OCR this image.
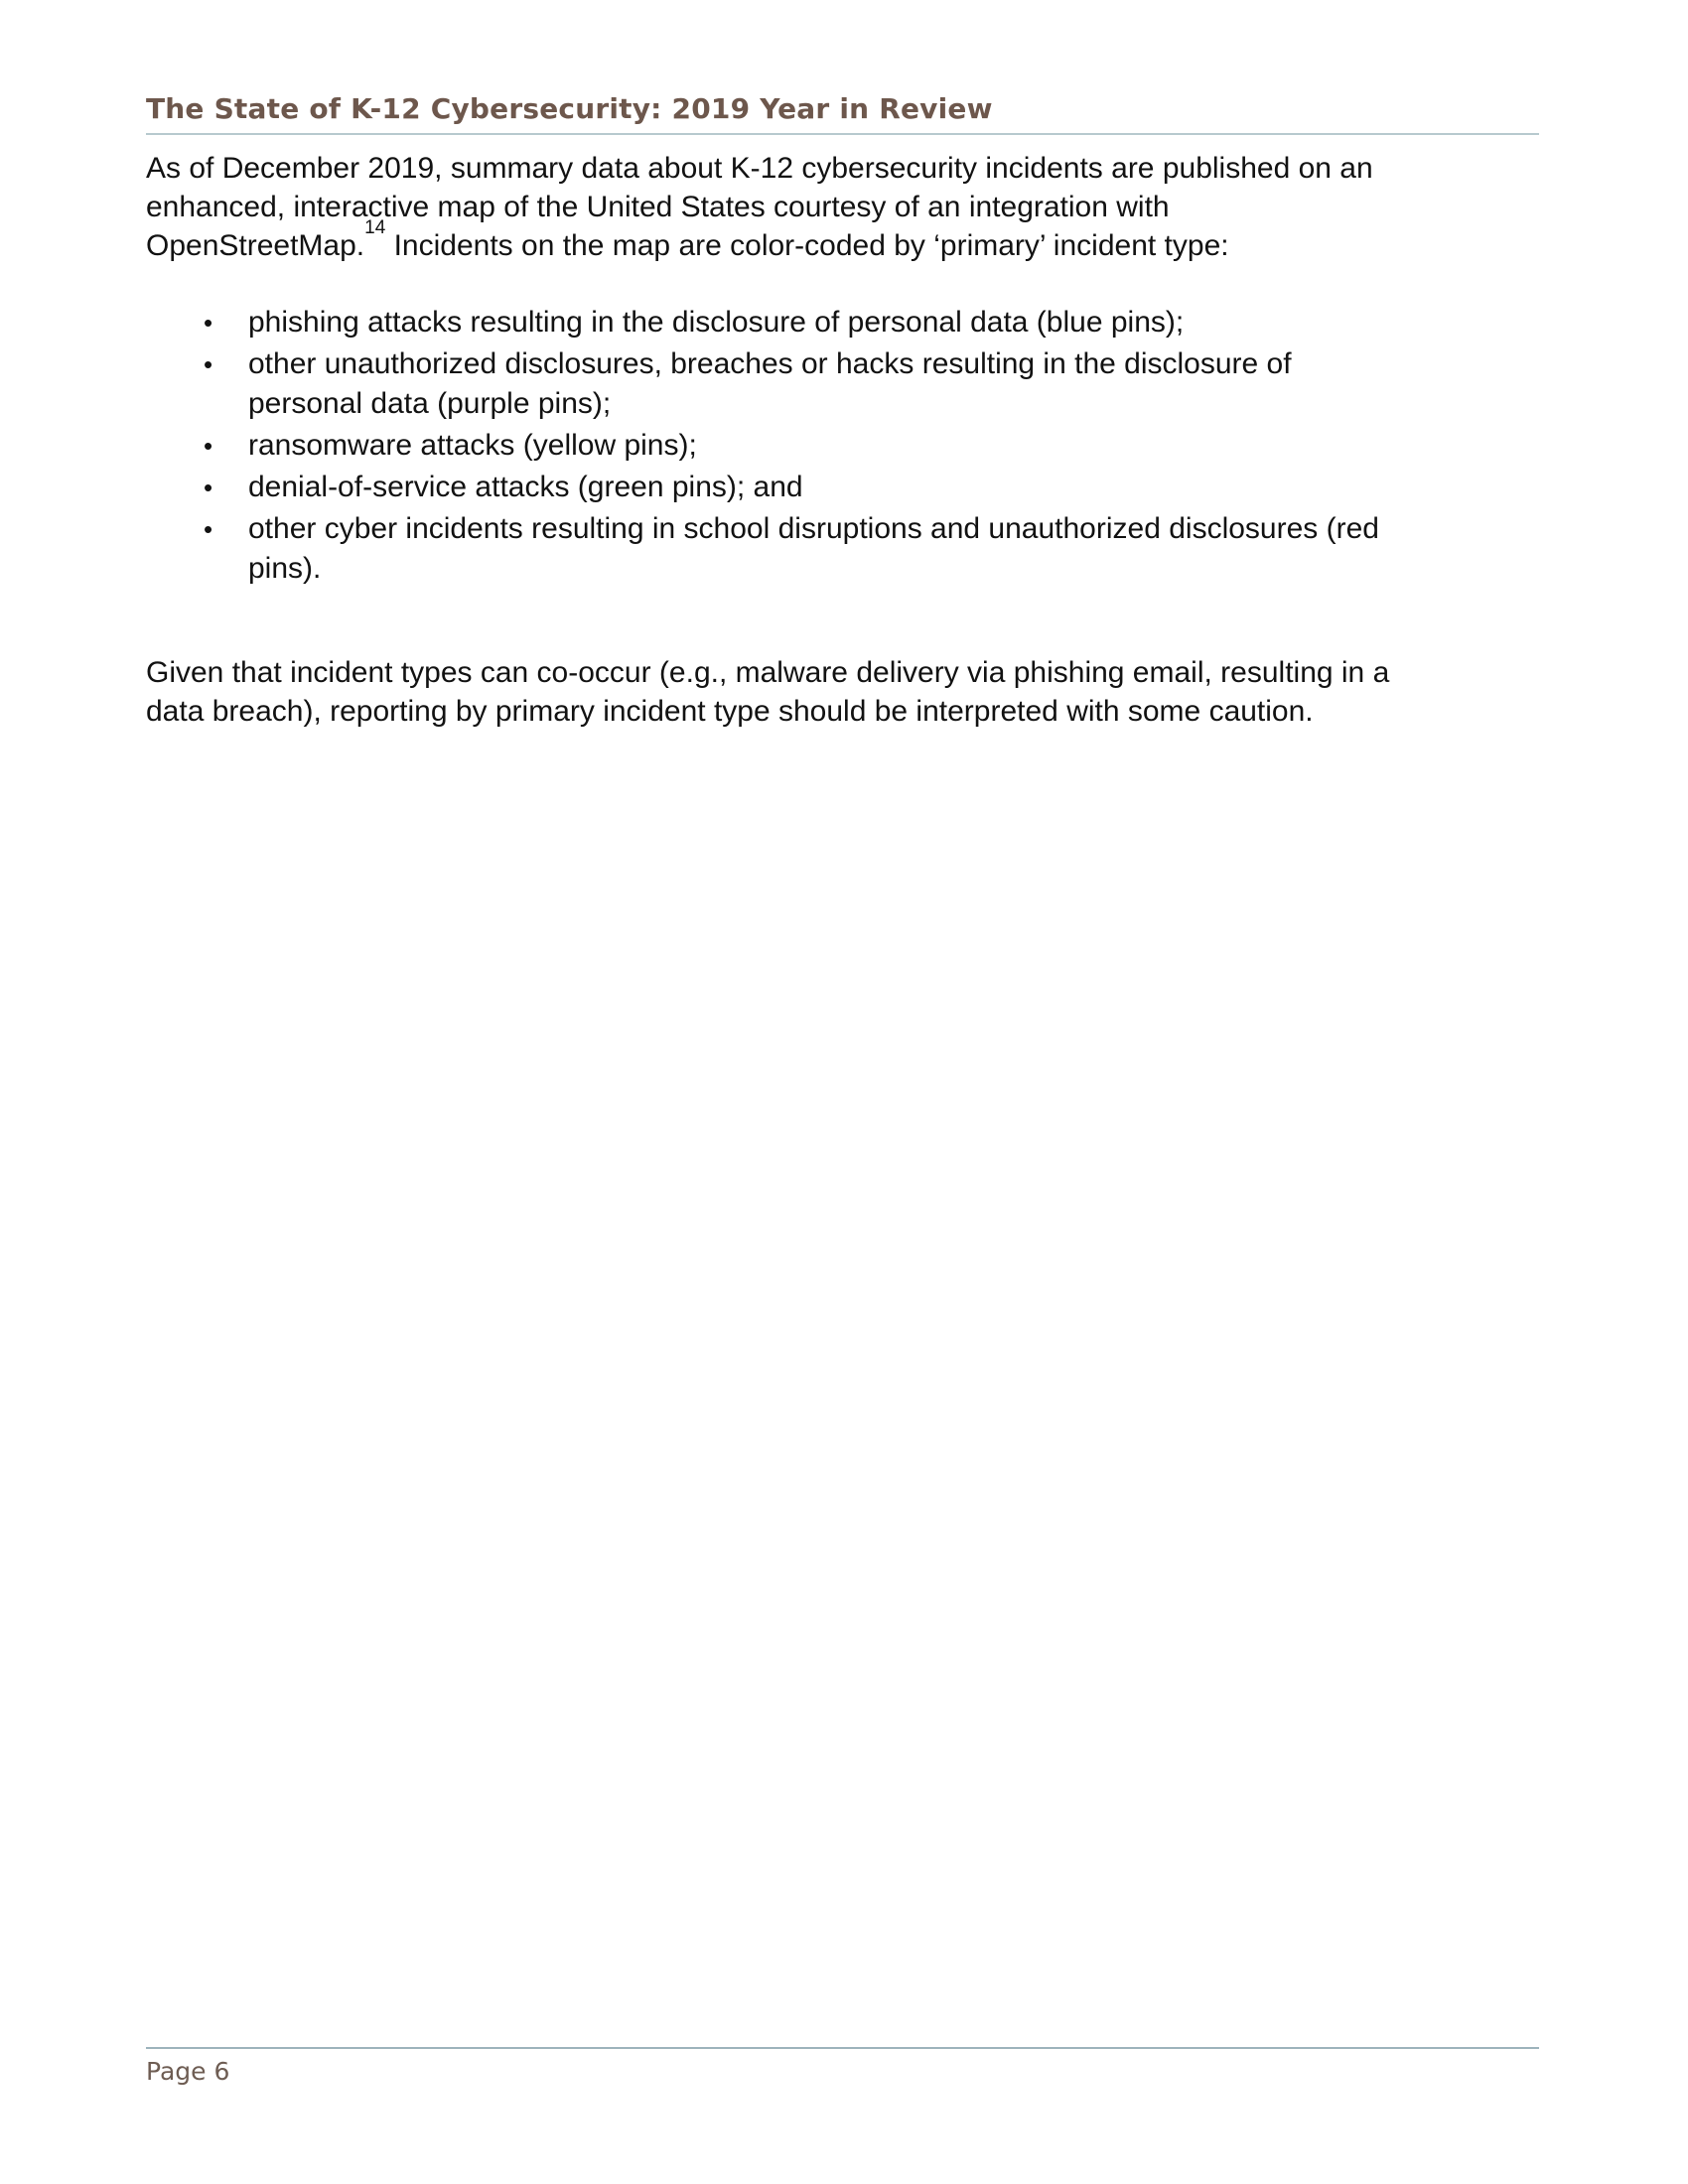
The State of K-12 Cybersecurity: 2019 Year in Review

As of December 2019, summary data about K-12 cybersecurity incidents are published on an
enhanced, interactive map of the United States courtesy of an integration with
OpenStreetMap.$^{14}$ Incidents on the map are color-coded by ‘primary’ incident type:

•	phishing attacks resulting in the disclosure of personal data (blue pins);
•	other unauthorized disclosures, breaches or hacks resulting in the disclosure of
personal data (purple pins);
•	ransomware attacks (yellow pins);
•	denial-of-service attacks (green pins); and
•	other cyber incidents resulting in school disruptions and unauthorized disclosures (red
pins).

Given that incident types can co-occur (e.g., malware delivery via phishing email, resulting in a
data breach), reporting by primary incident type should be interpreted with some caution.

Page 6
